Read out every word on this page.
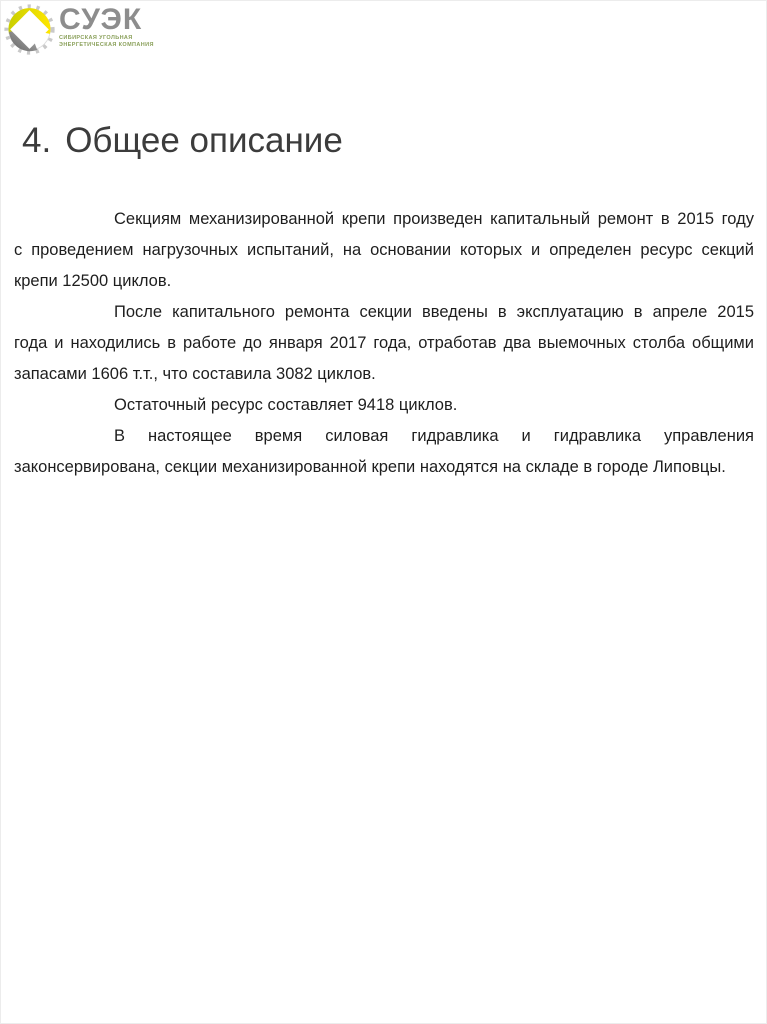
СУЭК
СИБИРСКАЯ УГОЛЬНАЯ
ЭНЕРГЕТИЧЕСКАЯ КОМПАНИЯ
4. Общее описание
Секциям механизированной крепи произведен капитальный ремонт в 2015 году
с проведением нагрузочных испытаний, на основании которых и определен ресурс секций
крепи 12500 циклов.
После капитального ремонта секции введены в эксплуатацию в апреле 2015
года и находились в работе до января 2017 года, отработав два выемочных столба общими
запасами 1606 т.т., что составила 3082 циклов.
Остаточный ресурс составляет 9418 циклов.
В настоящее время силовая гидравлика и гидравлика управления
законсервирована, секции механизированной крепи находятся на складе в городе Липовцы.
